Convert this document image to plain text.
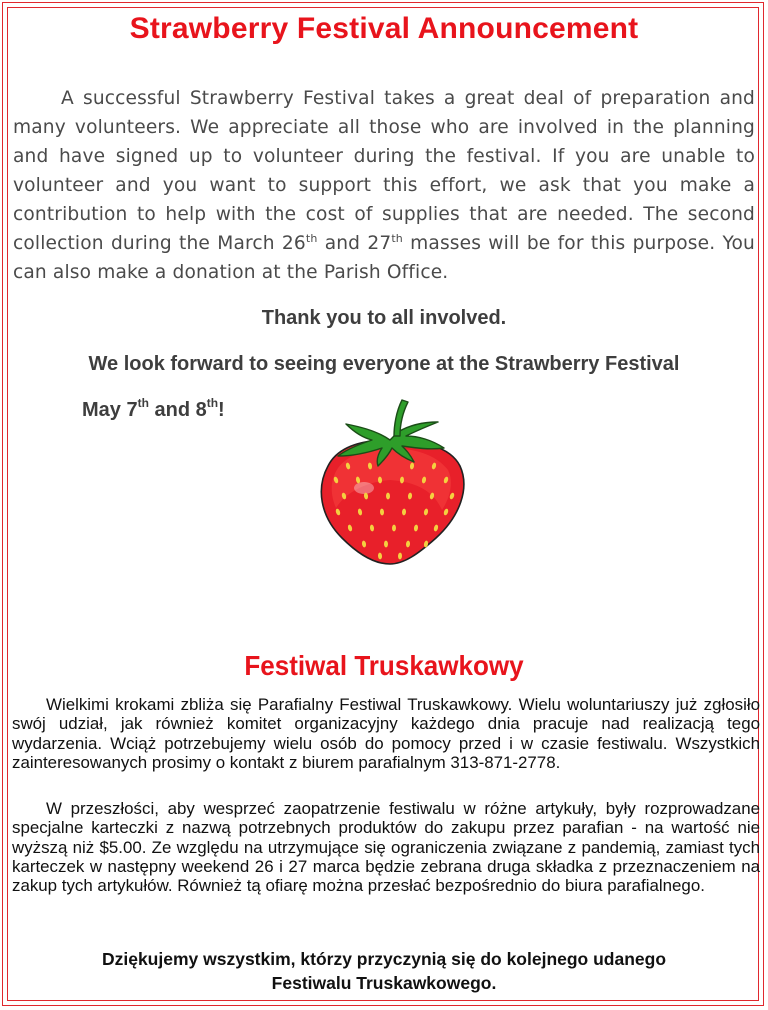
Strawberry Festival Announcement

A successful Strawberry Festival takes a great deal of preparation and many volunteers. We appreciate all those who are involved in the planning and have signed up to volunteer during the festival. If you are unable to volunteer and you want to support this effort, we ask that you make a contribution to help with the cost of supplies that are needed. The second collection during the March 26th and 27th masses will be for this purpose. You can also make a donation at the Parish Office.

Thank you to all involved.

We look forward to seeing everyone at the Strawberry Festival

May 7th and 8th!

Festiwal Truskawkowy

Wielkimi krokami zbliża się Parafialny Festiwal Truskawkowy. Wielu woluntariuszy już zgłosiło swój udział, jak również komitet organizacyjny każdego dnia pracuje nad realizacją tego wydarzenia. Wciąż potrzebujemy wielu osób do pomocy przed i w czasie festiwalu. Wszystkich zainteresowanych prosimy o kontakt z biurem parafialnym 313-871-2778.

W przeszłości, aby wesprzeć zaopatrzenie festiwalu w różne artykuły, były rozprowadzane specjalne karteczki z nazwą potrzebnych produktów do zakupu przez parafian - na wartość nie wyższą niż $5.00. Ze względu na utrzymujące się ograniczenia związane z pandemią, zamiast tych karteczek w następny weekend 26 i 27 marca będzie zebrana druga składka z przeznaczeniem na zakup tych artykułów. Również tą ofiarę można przesłać bezpośrednio do biura parafialnego.

Dziękujemy wszystkim, którzy przyczynią się do kolejnego udanego
Festiwalu Truskawkowego.
